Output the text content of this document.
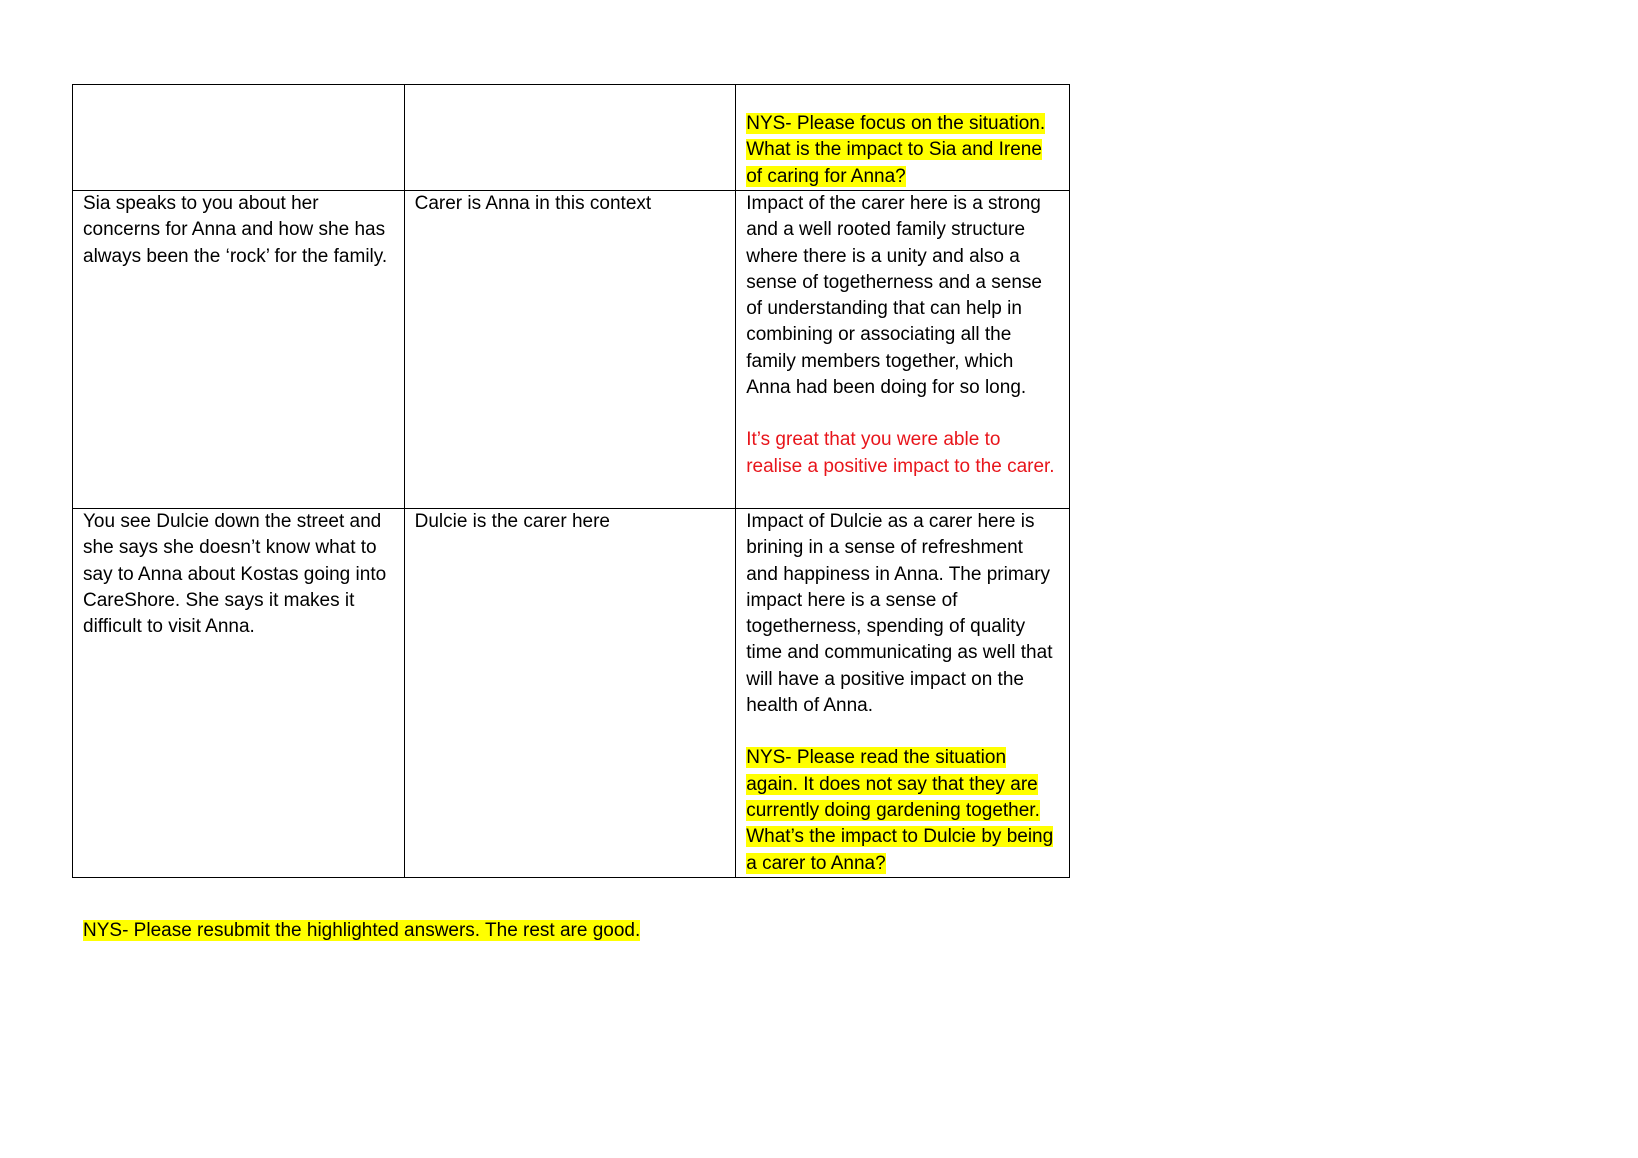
		NYS- Please focus on the situation. What is the impact to Sia and Irene of caring for Anna?
Sia speaks to you about her concerns for Anna and how she has always been the ‘rock’ for the family.	Carer is Anna in this context	Impact of the carer here is a strong and a well rooted family structure where there is a unity and also a sense of togetherness and a sense of understanding that can help in combining or associating all the family members together, which Anna had been doing for so long.
It’s great that you were able to realise a positive impact to the carer.

You see Dulcie down the street and she says she doesn’t know what to say to Anna about Kostas going into CareShore. She says it makes it difficult to visit Anna.	Dulcie is the carer here	Impact of Dulcie as a carer here is brining in a sense of refreshment and happiness in Anna. The primary impact here is a sense of togetherness, spending of quality time and communicating as well that will have a positive impact on the health of Anna.
NYS- Please read the situation again. It does not say that they are currently doing gardening together. What’s the impact to Dulcie by being a carer to Anna?
NYS- Please resubmit the highlighted answers. The rest are good.
